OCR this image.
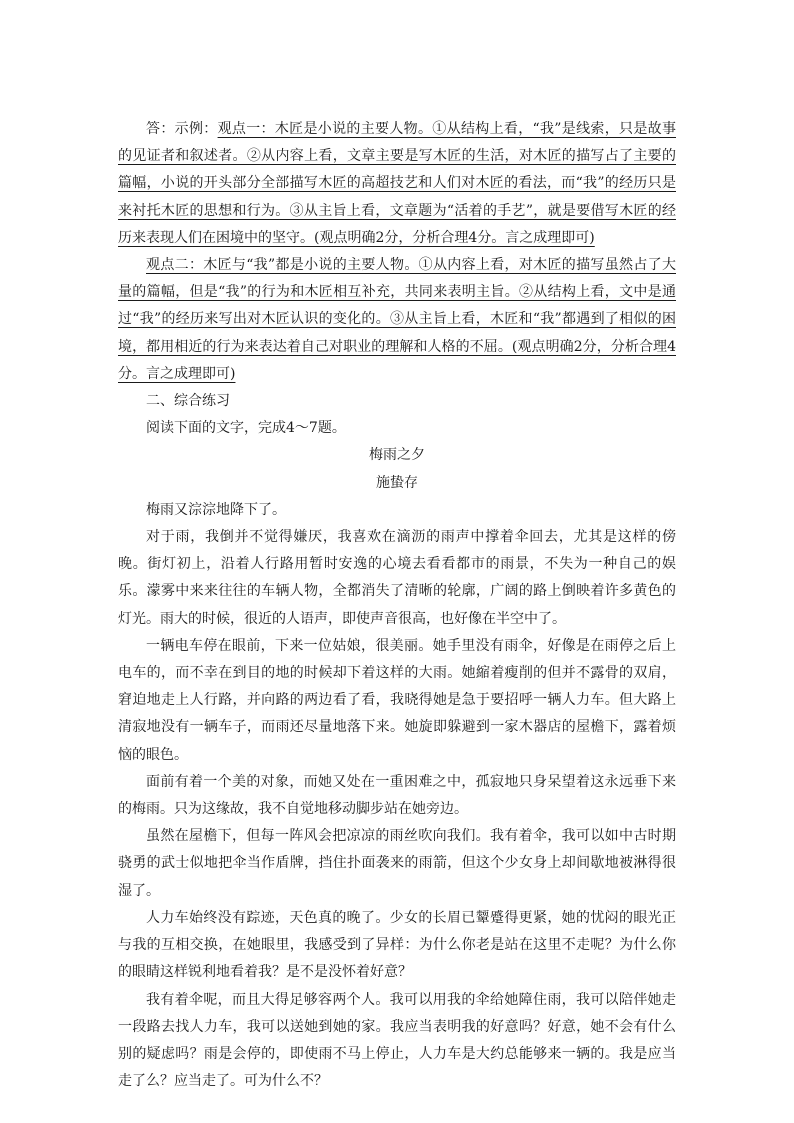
答：示例：观点一：木匠是小说的主要人物。①从结构上看，“我”是线索，只是故事的见证者和叙述者。②从内容上看，文章主要是写木匠的生活，对木匠的描写占了主要的篇幅，小说的开头部分全部描写木匠的高超技艺和人们对木匠的看法，而“我”的经历只是来衬托木匠的思想和行为。③从主旨上看，文章题为“活着的手艺”，就是要借写木匠的经历来表现人们在困境中的坚守。(观点明确2分，分析合理4分。言之成理即可)

观点二：木匠与“我”都是小说的主要人物。①从内容上看，对木匠的描写虽然占了大量的篇幅，但是“我”的行为和木匠相互补充，共同来表明主旨。②从结构上看，文中是通过“我”的经历来写出对木匠认识的变化的。③从主旨上看，木匠和“我”都遇到了相似的困境，都用相近的行为来表达着自己对职业的理解和人格的不屈。(观点明确2分，分析合理4分。言之成理即可)

二、综合练习

阅读下面的文字，完成4～7题。

梅雨之夕

施蛰存

梅雨又淙淙地降下了。

对于雨，我倒并不觉得嫌厌，我喜欢在滴沥的雨声中撑着伞回去，尤其是这样的傍晚。街灯初上，沿着人行路用暂时安逸的心境去看看都市的雨景，不失为一种自己的娱乐。濛雾中来来往往的车辆人物，全都消失了清晰的轮廓，广阔的路上倒映着许多黄色的灯光。雨大的时候，很近的人语声，即使声音很高，也好像在半空中了。

一辆电车停在眼前，下来一位姑娘，很美丽。她手里没有雨伞，好像是在雨停之后上电车的，而不幸在到目的地的时候却下着这样的大雨。她縮着瘦削的但并不露骨的双肩，窘迫地走上人行路，并向路的两边看了看，我晓得她是急于要招呼一辆人力车。但大路上清寂地没有一辆车子，而雨还尽量地落下来。她旋即躲避到一家木器店的屋檐下，露着烦恼的眼色。

面前有着一个美的对象，而她又处在一重困难之中，孤寂地只身呆望着这永远垂下来的梅雨。只为这缘故，我不自觉地移动脚步站在她旁边。

虽然在屋檐下，但每一阵风会把凉凉的雨丝吹向我们。我有着伞，我可以如中古时期骁勇的武士似地把伞当作盾牌，挡住扑面袭来的雨箭，但这个少女身上却间歇地被淋得很湿了。

人力车始终没有踪迹，天色真的晚了。少女的长眉已颦蹙得更紧，她的忧闷的眼光正与我的互相交换，在她眼里，我感受到了异样：为什么你老是站在这里不走呢？为什么你的眼睛这样锐利地看着我？是不是没怀着好意？

我有着伞呢，而且大得足够容两个人。我可以用我的伞给她障住雨，我可以陪伴她走一段路去找人力车，我可以送她到她的家。我应当表明我的好意吗？好意，她不会有什么别的疑虑吗？雨是会停的，即使雨不马上停止，人力车是大约总能够来一辆的。我是应当走了么？应当走了。可为什么不？
